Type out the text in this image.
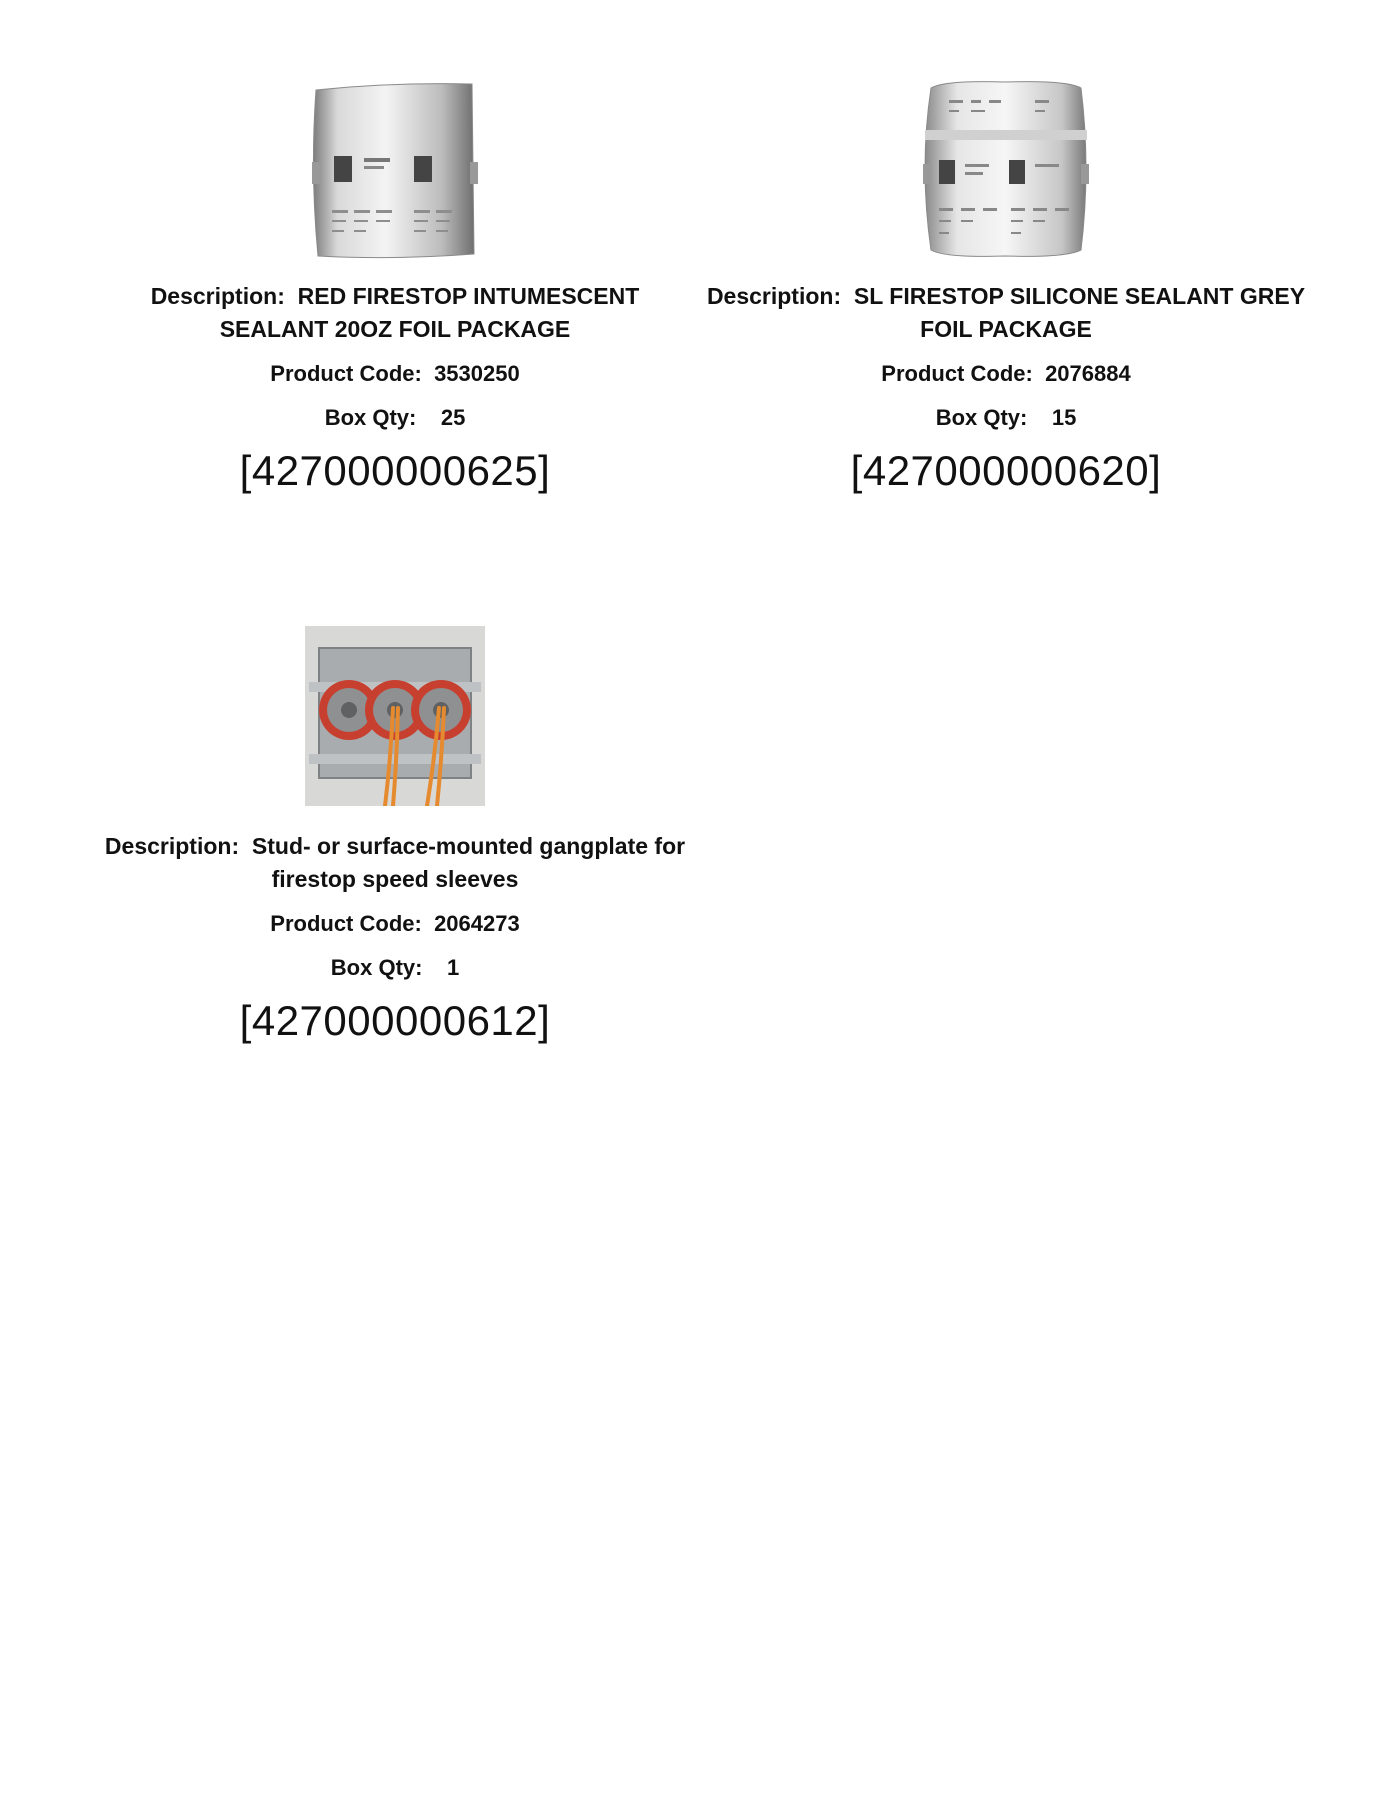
Description: RED FIRESTOP INTUMESCENT SEALANT 20OZ FOIL PACKAGE
Product Code: 3530250
Box Qty: 25
[427000000625]
Description: SL FIRESTOP SILICONE SEALANT GREY FOIL PACKAGE
Product Code: 2076884
Box Qty: 15
[427000000620]
Description: Stud- or surface-mounted gangplate for firestop speed sleeves
Product Code: 2064273
Box Qty: 1
[427000000612]
